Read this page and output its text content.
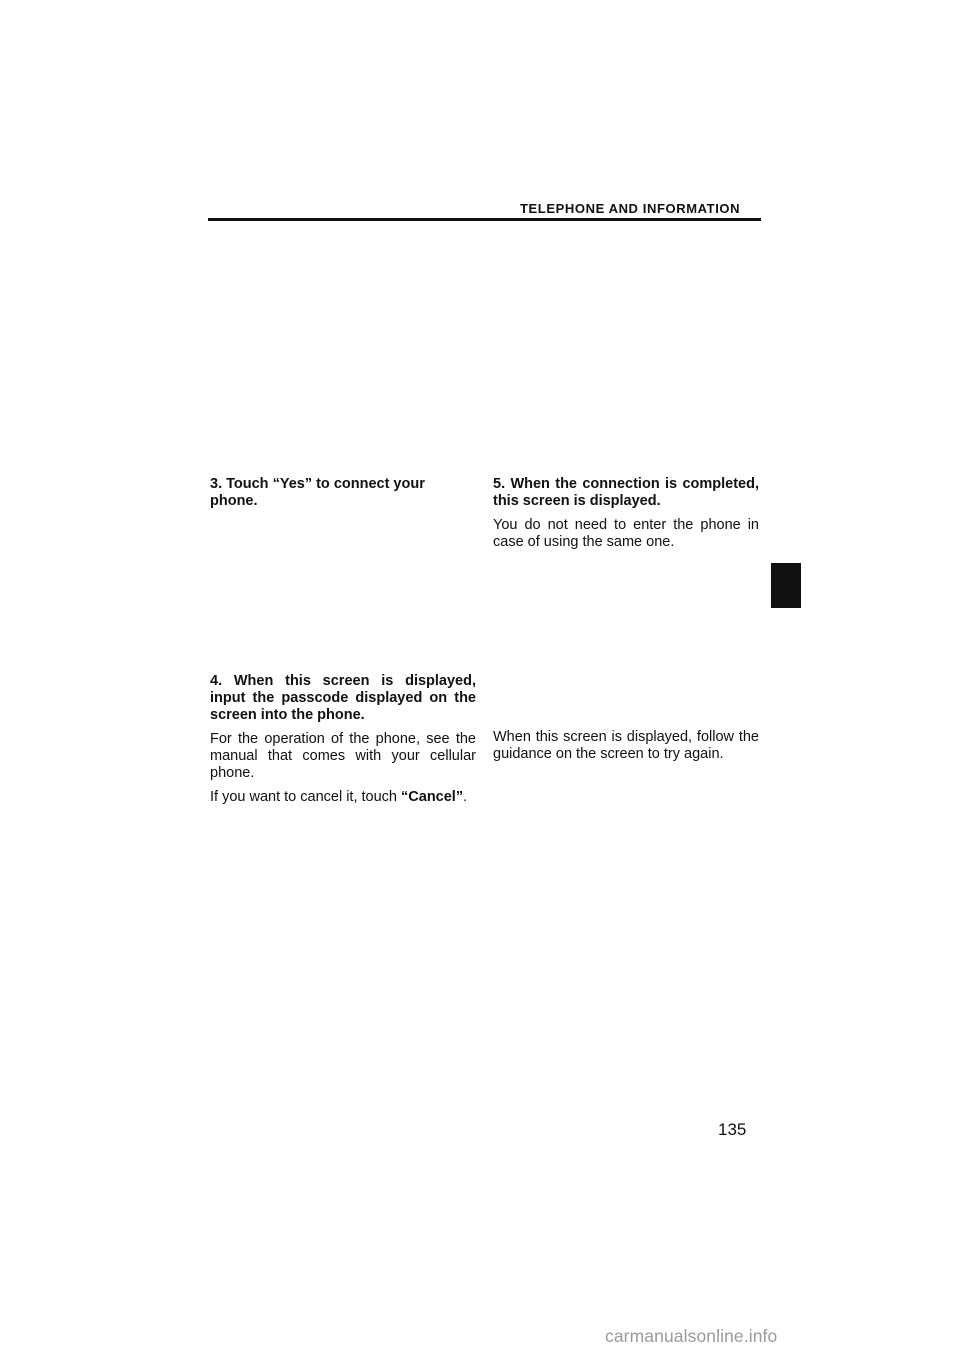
TELEPHONE AND INFORMATION

3. Touch “Yes” to connect your phone.

4. When this screen is displayed, input the passcode displayed on the screen into the phone.

For the operation of the phone, see the manual that comes with your cellular phone.

If you want to cancel it, touch “Cancel”.

5. When the connection is completed, this screen is displayed.

You do not need to enter the phone in case of using the same one.

When this screen is displayed, follow the guidance on the screen to try again.

135
carmanualsonline.info
